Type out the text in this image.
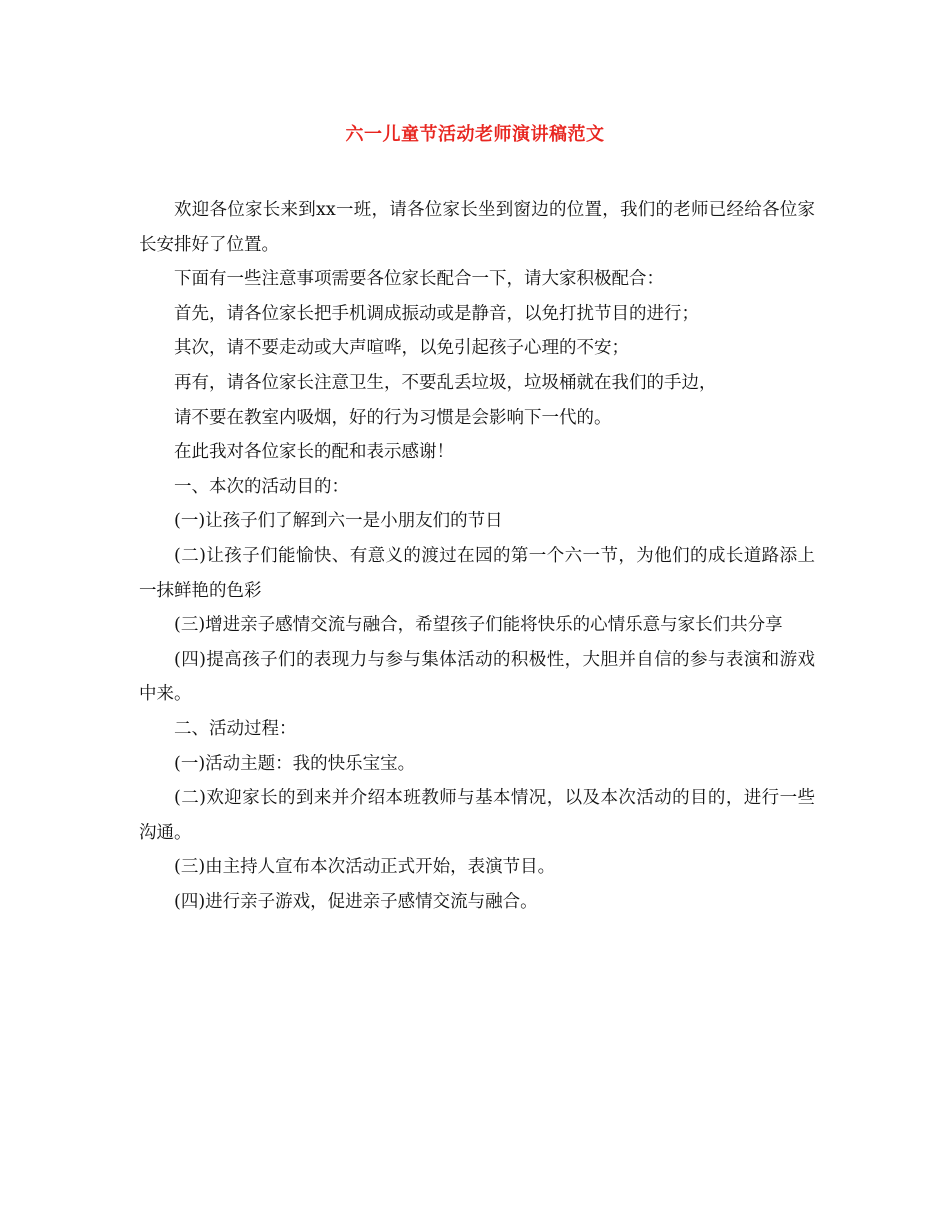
六一儿童节活动老师演讲稿范文

欢迎各位家长来到xx一班，请各位家长坐到窗边的位置，我们的老师已经给各位家长安排好了位置。

下面有一些注意事项需要各位家长配合一下，请大家积极配合：

首先，请各位家长把手机调成振动或是静音，以免打扰节目的进行；

其次，请不要走动或大声喧哗，以免引起孩子心理的不安；

再有，请各位家长注意卫生，不要乱丢垃圾，垃圾桶就在我们的手边，

请不要在教室内吸烟，好的行为习惯是会影响下一代的。

在此我对各位家长的配和表示感谢！

一、本次的活动目的：

(一)让孩子们了解到六一是小朋友们的节日

(二)让孩子们能愉快、有意义的渡过在园的第一个六一节，为他们的成长道路添上一抹鲜艳的色彩

(三)增进亲子感情交流与融合，希望孩子们能将快乐的心情乐意与家长们共分享

(四)提高孩子们的表现力与参与集体活动的积极性，大胆并自信的参与表演和游戏中来。

二、活动过程：

(一)活动主题：我的快乐宝宝。

(二)欢迎家长的到来并介绍本班教师与基本情况，以及本次活动的目的，进行一些沟通。

(三)由主持人宣布本次活动正式开始，表演节目。

(四)进行亲子游戏，促进亲子感情交流与融合。
